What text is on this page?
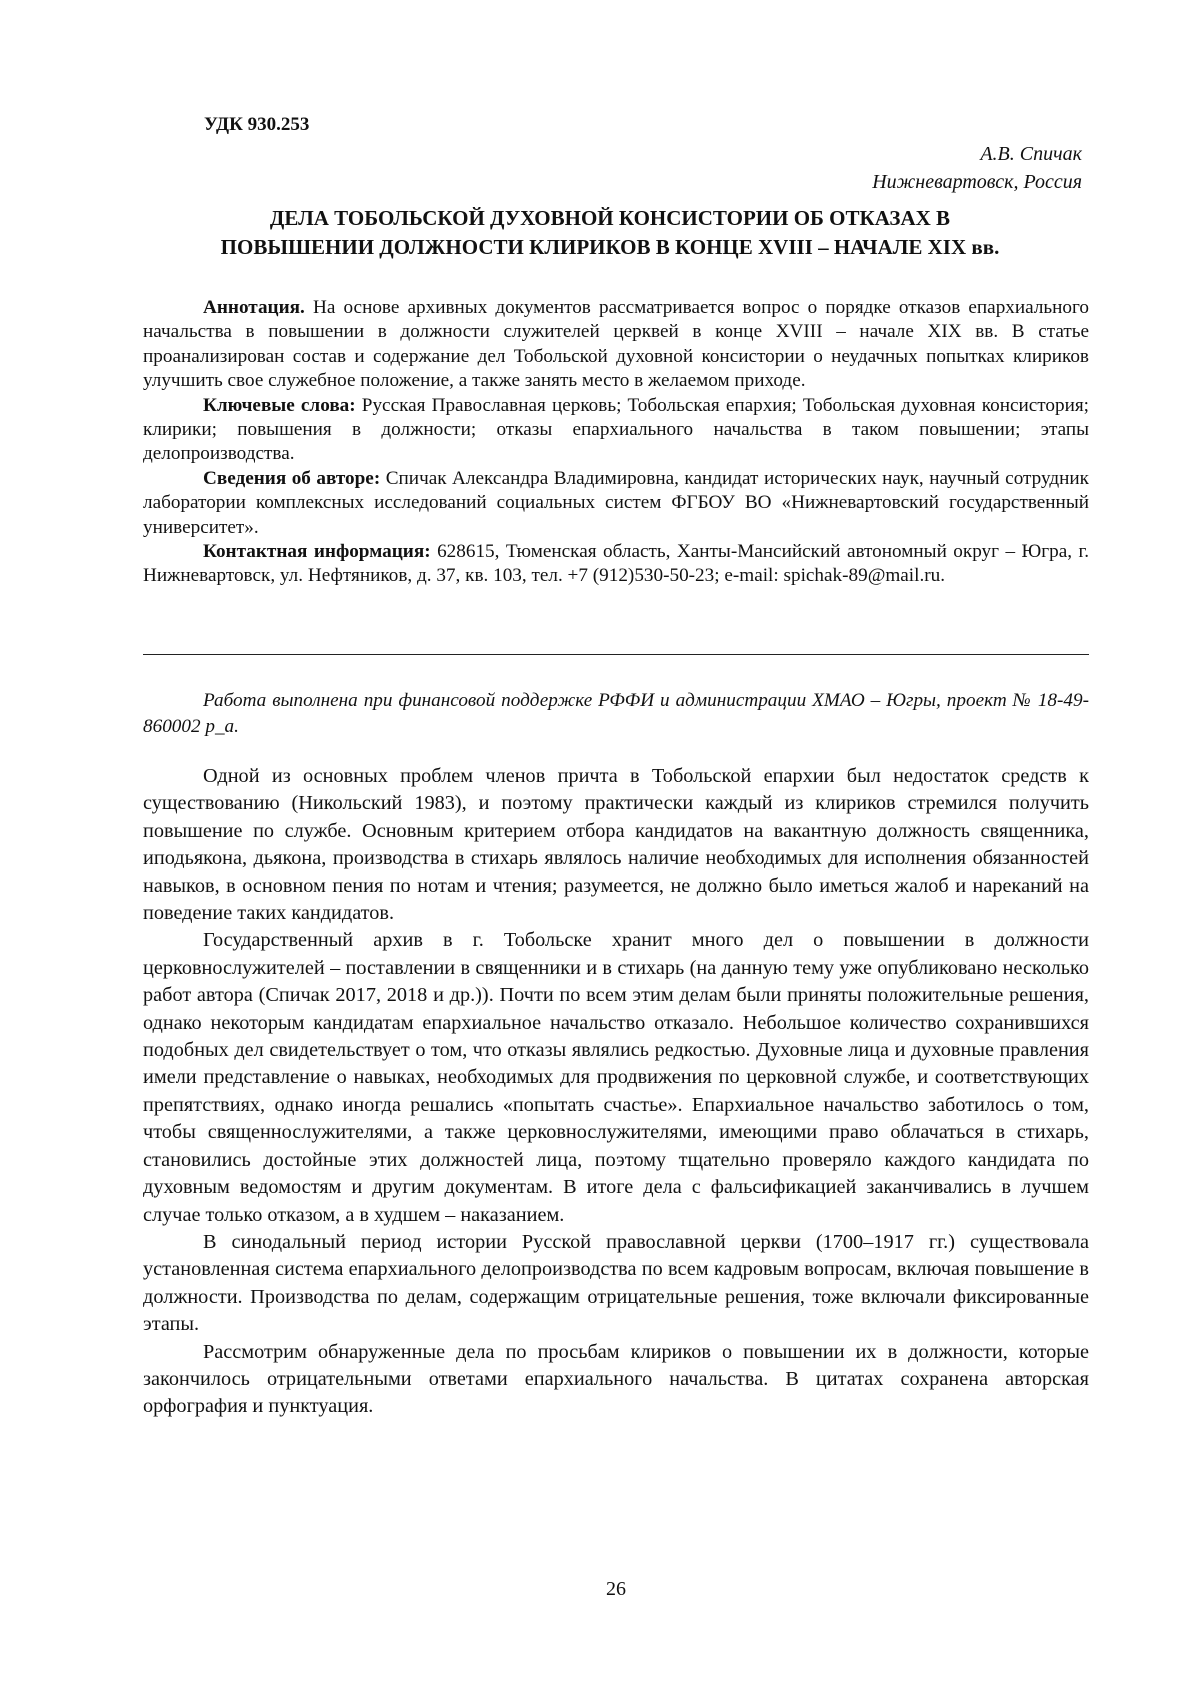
УДК 930.253
А.В. Спичак
Нижневартовск, Россия
ДЕЛА ТОБОЛЬСКОЙ ДУХОВНОЙ КОНСИСТОРИИ ОБ ОТКАЗАХ В
ПОВЫШЕНИИ ДОЛЖНОСТИ КЛИРИКОВ В КОНЦЕ XVIII – НАЧАЛЕ XIX вв.

Аннотация. На основе архивных документов рассматривается вопрос о порядке отказов епархиального начальства в повышении в должности служителей церквей в конце XVIII – начале XIX вв. В статье проанализирован состав и содержание дел Тобольской духовной консистории о неудачных попытках клириков улучшить свое служебное положение, а также занять место в желаемом приходе.

Ключевые слова: Русская Православная церковь; Тобольская епархия; Тобольская духовная консистория; клирики; повышения в должности; отказы епархиального начальства в таком повышении; этапы делопроизводства.

Сведения об авторе: Спичак Александра Владимировна, кандидат исторических наук, научный сотрудник лаборатории комплексных исследований социальных систем ФГБОУ ВО «Нижневартовский государственный университет».

Контактная информация: 628615, Тюменская область, Ханты-Мансийский автономный округ – Югра, г. Нижневартовск, ул. Нефтяников, д. 37, кв. 103, тел. +7 (912)530-50-23; e-mail: spichak-89@mail.ru.

Работа выполнена при финансовой поддержке РФФИ и администрации ХМАО – Югры, проект № 18-49-860002 р_а.

Одной из основных проблем членов причта в Тобольской епархии был недостаток средств к существованию (Никольский 1983), и поэтому практически каждый из клириков стремился получить повышение по службе. Основным критерием отбора кандидатов на вакантную должность священника, иподьякона, дьякона, производства в стихарь являлось наличие необходимых для исполнения обязанностей навыков, в основном пения по нотам и чтения; разумеется, не должно было иметься жалоб и нареканий на поведение таких кандидатов.

Государственный архив в г. Тобольске хранит много дел о повышении в должности церковнослужителей – поставлении в священники и в стихарь (на данную тему уже опубликовано несколько работ автора (Спичак 2017, 2018 и др.)). Почти по всем этим делам были приняты положительные решения, однако некоторым кандидатам епархиальное начальство отказало. Небольшое количество сохранившихся подобных дел свидетельствует о том, что отказы являлись редкостью. Духовные лица и духовные правления имели представление о навыках, необходимых для продвижения по церковной службе, и соответствующих препятствиях, однако иногда решались «попытать счастье». Епархиальное начальство заботилось о том, чтобы священнослужителями, а также церковнослужителями, имеющими право облачаться в стихарь, становились достойные этих должностей лица, поэтому тщательно проверяло каждого кандидата по духовным ведомостям и другим документам. В итоге дела с фальсификацией заканчивались в лучшем случае только отказом, а в худшем – наказанием.

В синодальный период истории Русской православной церкви (1700–1917 гг.) существовала установленная система епархиального делопроизводства по всем кадровым вопросам, включая повышение в должности. Производства по делам, содержащим отрицательные решения, тоже включали фиксированные этапы.

Рассмотрим обнаруженные дела по просьбам клириков о повышении их в должности, которые закончилось отрицательными ответами епархиального начальства. В цитатах сохранена авторская орфография и пунктуация.

26
